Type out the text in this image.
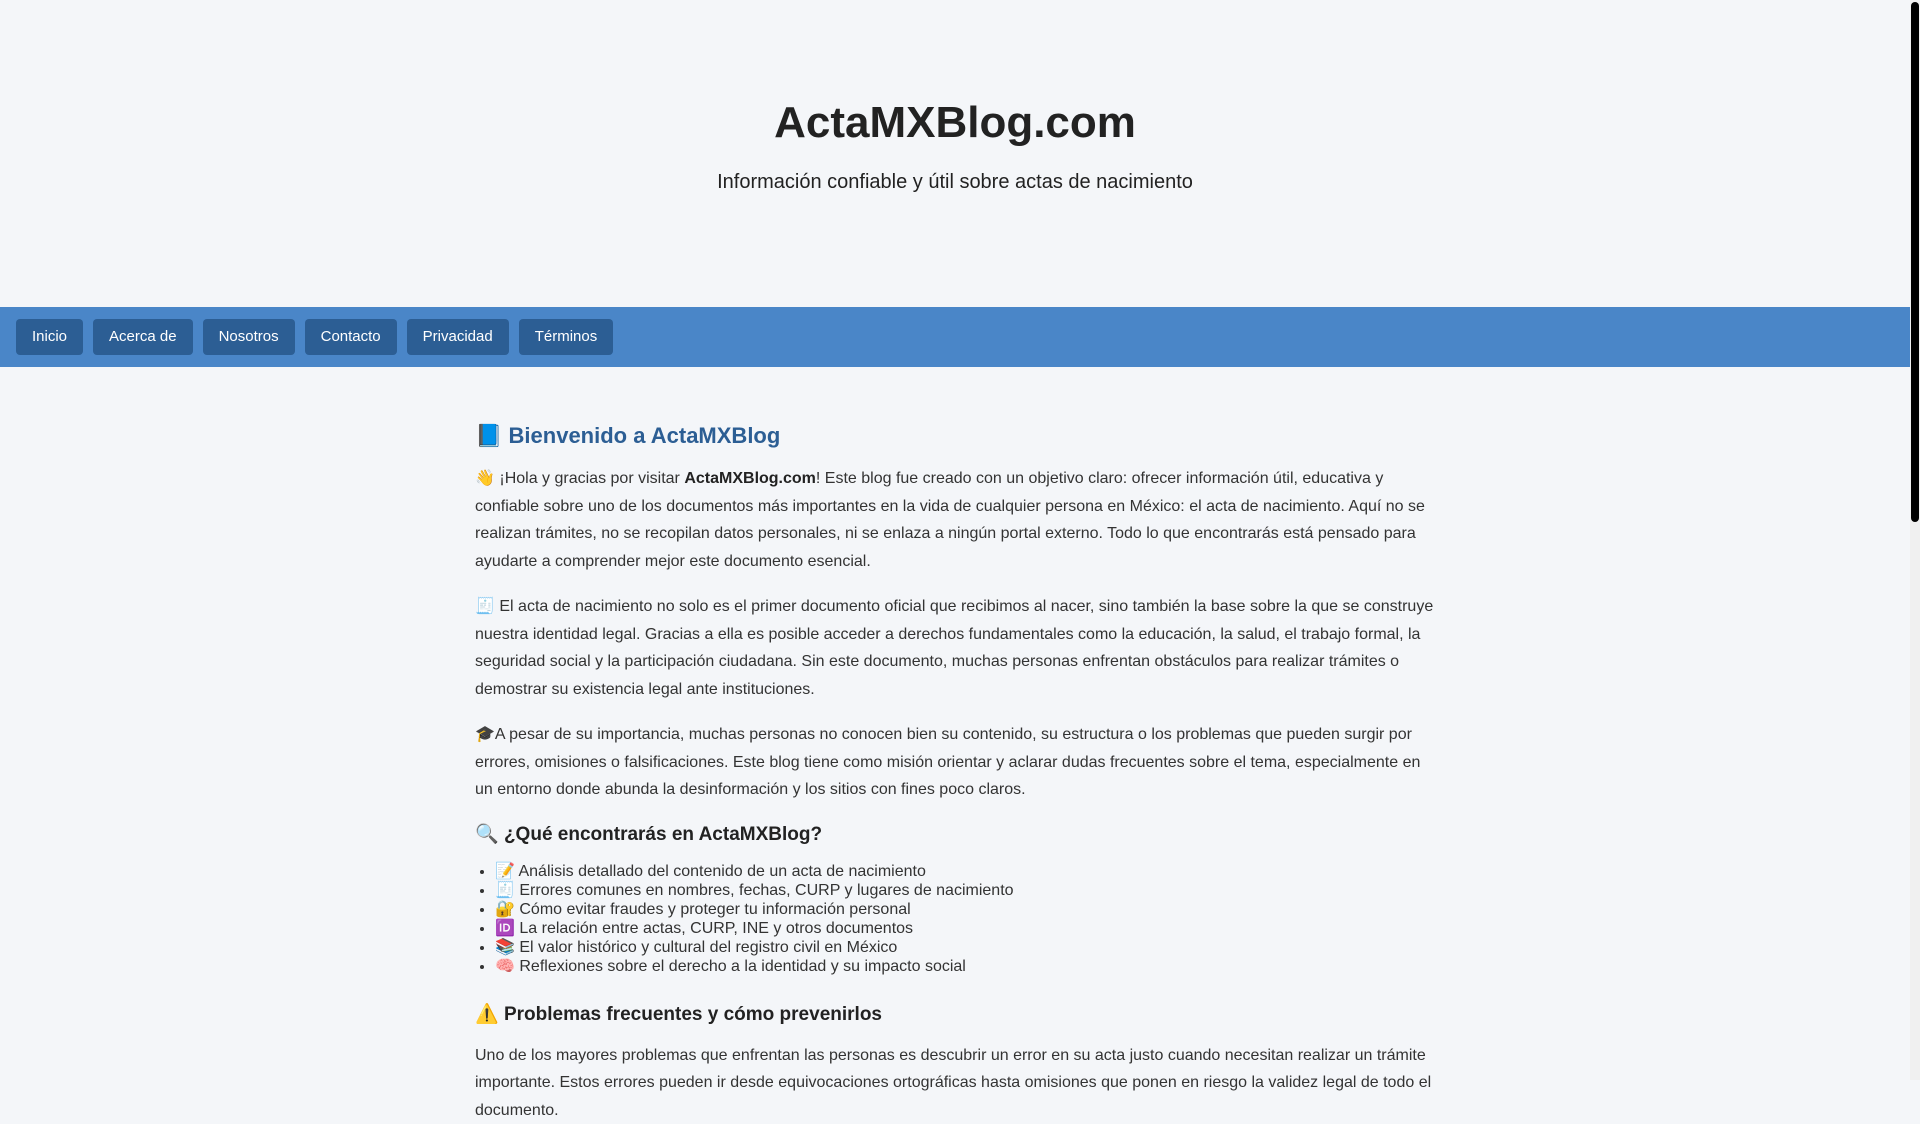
ActaMXBlog.com

Información confiable y útil sobre actas de nacimiento

Inicio	Acerca de	Nosotros	Contacto	Privacidad	Términos
📘 Bienvenido a ActaMXBlog

👋 ¡Hola y gracias por visitar ActaMXBlog.com! Este blog fue creado con un objetivo claro: ofrecer información útil, educativa y confiable sobre uno de los documentos más importantes en la vida de cualquier persona en México: el acta de nacimiento. Aquí no se realizan trámites, no se recopilan datos personales, ni se enlaza a ningún portal externo. Todo lo que encontrarás está pensado para ayudarte a comprender mejor este documento esencial.

🧾 El acta de nacimiento no solo es el primer documento oficial que recibimos al nacer, sino también la base sobre la que se construye nuestra identidad legal. Gracias a ella es posible acceder a derechos fundamentales como la educación, la salud, el trabajo formal, la seguridad social y la participación ciudadana. Sin este documento, muchas personas enfrentan obstáculos para realizar trámites o demostrar su existencia legal ante instituciones.

🎓A pesar de su importancia, muchas personas no conocen bien su contenido, su estructura o los problemas que pueden surgir por errores, omisiones o falsificaciones. Este blog tiene como misión orientar y aclarar dudas frecuentes sobre el tema, especialmente en un entorno donde abunda la desinformación y los sitios con fines poco claros.

🔍 ¿Qué encontrarás en ActaMXBlog?
• 📝 Análisis detallado del contenido de un acta de nacimiento
• 🧾 Errores comunes en nombres, fechas, CURP y lugares de nacimiento
• 🔐 Cómo evitar fraudes y proteger tu información personal
• 🆔 La relación entre actas, CURP, INE y otros documentos
• 📚 El valor histórico y cultural del registro civil en México
• 🧠 Reflexiones sobre el derecho a la identidad y su impacto social
⚠️ Problemas frecuentes y cómo prevenirlos

Uno de los mayores problemas que enfrentan las personas es descubrir un error en su acta justo cuando necesitan realizar un trámite importante. Estos errores pueden ir desde equivocaciones ortográficas hasta omisiones que ponen en riesgo la validez legal de todo el documento.
